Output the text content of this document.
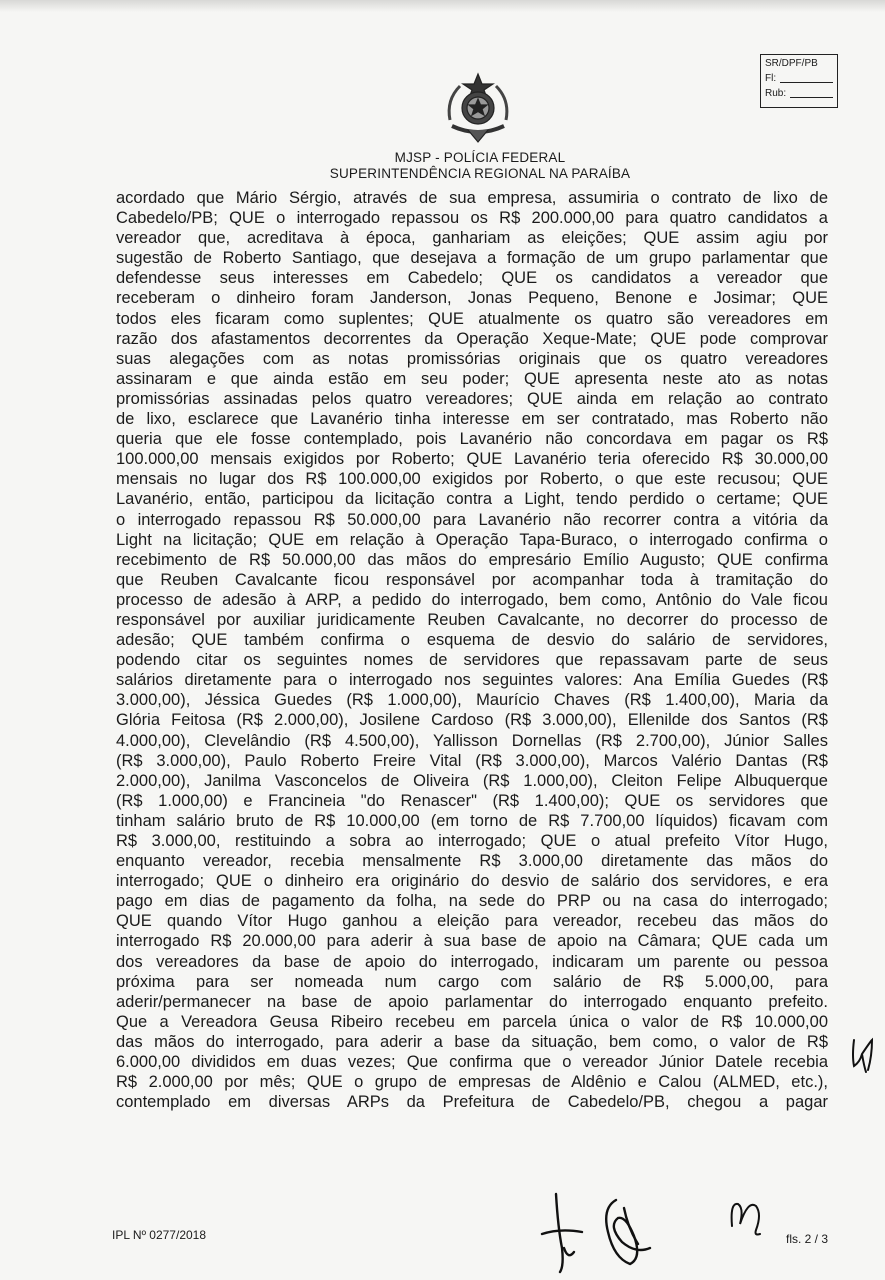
SR/DPF/PB
Fl:
Rub:
MJSP - POLÍCIA FEDERAL
SUPERINTENDÊNCIA REGIONAL NA PARAÍBA
acordado que Mário Sérgio, através de sua empresa, assumiria o contrato de lixo de
Cabedelo/PB; QUE o interrogado repassou os R$ 200.000,00 para quatro candidatos a
vereador que, acreditava à época, ganhariam as eleições; QUE assim agiu por
sugestão de Roberto Santiago, que desejava a formação de um grupo parlamentar que
defendesse seus interesses em Cabedelo; QUE os candidatos a vereador que
receberam o dinheiro foram Janderson, Jonas Pequeno, Benone e Josimar; QUE
todos eles ficaram como suplentes; QUE atualmente os quatro são vereadores em
razão dos afastamentos decorrentes da Operação Xeque-Mate; QUE pode comprovar
suas alegações com as notas promissórias originais que os quatro vereadores
assinaram e que ainda estão em seu poder; QUE apresenta neste ato as notas
promissórias assinadas pelos quatro vereadores; QUE ainda em relação ao contrato
de lixo, esclarece que Lavanério tinha interesse em ser contratado, mas Roberto não
queria que ele fosse contemplado, pois Lavanério não concordava em pagar os R$
100.000,00 mensais exigidos por Roberto; QUE Lavanério teria oferecido R$ 30.000,00
mensais no lugar dos R$ 100.000,00 exigidos por Roberto, o que este recusou; QUE
Lavanério, então, participou da licitação contra a Light, tendo perdido o certame; QUE
o interrogado repassou R$ 50.000,00 para Lavanério não recorrer contra a vitória da
Light na licitação; QUE em relação à Operação Tapa-Buraco, o interrogado confirma o
recebimento de R$ 50.000,00 das mãos do empresário Emílio Augusto; QUE confirma
que Reuben Cavalcante ficou responsável por acompanhar toda à tramitação do
processo de adesão à ARP, a pedido do interrogado, bem como, Antônio do Vale ficou
responsável por auxiliar juridicamente Reuben Cavalcante, no decorrer do processo de
adesão; QUE também confirma o esquema de desvio do salário de servidores,
podendo citar os seguintes nomes de servidores que repassavam parte de seus
salários diretamente para o interrogado nos seguintes valores: Ana Emília Guedes (R$
3.000,00), Jéssica Guedes (R$ 1.000,00), Maurício Chaves (R$ 1.400,00), Maria da
Glória Feitosa (R$ 2.000,00), Josilene Cardoso (R$ 3.000,00), Ellenilde dos Santos (R$
4.000,00), Clevelândio (R$ 4.500,00), Yallisson Dornellas (R$ 2.700,00), Júnior Salles
(R$ 3.000,00), Paulo Roberto Freire Vital (R$ 3.000,00), Marcos Valério Dantas (R$
2.000,00), Janilma Vasconcelos de Oliveira (R$ 1.000,00), Cleiton Felipe Albuquerque
(R$ 1.000,00) e Francineia "do Renascer" (R$ 1.400,00); QUE os servidores que
tinham salário bruto de R$ 10.000,00 (em torno de R$ 7.700,00 líquidos) ficavam com
R$ 3.000,00, restituindo a sobra ao interrogado; QUE o atual prefeito Vítor Hugo,
enquanto vereador, recebia mensalmente R$ 3.000,00 diretamente das mãos do
interrogado; QUE o dinheiro era originário do desvio de salário dos servidores, e era
pago em dias de pagamento da folha, na sede do PRP ou na casa do interrogado;
QUE quando Vítor Hugo ganhou a eleição para vereador, recebeu das mãos do
interrogado R$ 20.000,00 para aderir à sua base de apoio na Câmara; QUE cada um
dos vereadores da base de apoio do interrogado, indicaram um parente ou pessoa
próxima para ser nomeada num cargo com salário de R$ 5.000,00, para
aderir/permanecer na base de apoio parlamentar do interrogado enquanto prefeito.
Que a Vereadora Geusa Ribeiro recebeu em parcela única o valor de R$ 10.000,00
das mãos do interrogado, para aderir a base da situação, bem como, o valor de R$
6.000,00 divididos em duas vezes; Que confirma que o vereador Júnior Datele recebia
R$ 2.000,00 por mês; QUE o grupo de empresas de Aldênio e Calou (ALMED, etc.),
contemplado em diversas ARPs da Prefeitura de Cabedelo/PB, chegou a pagar
IPL Nº 0277/2018	fls. 2 / 3
